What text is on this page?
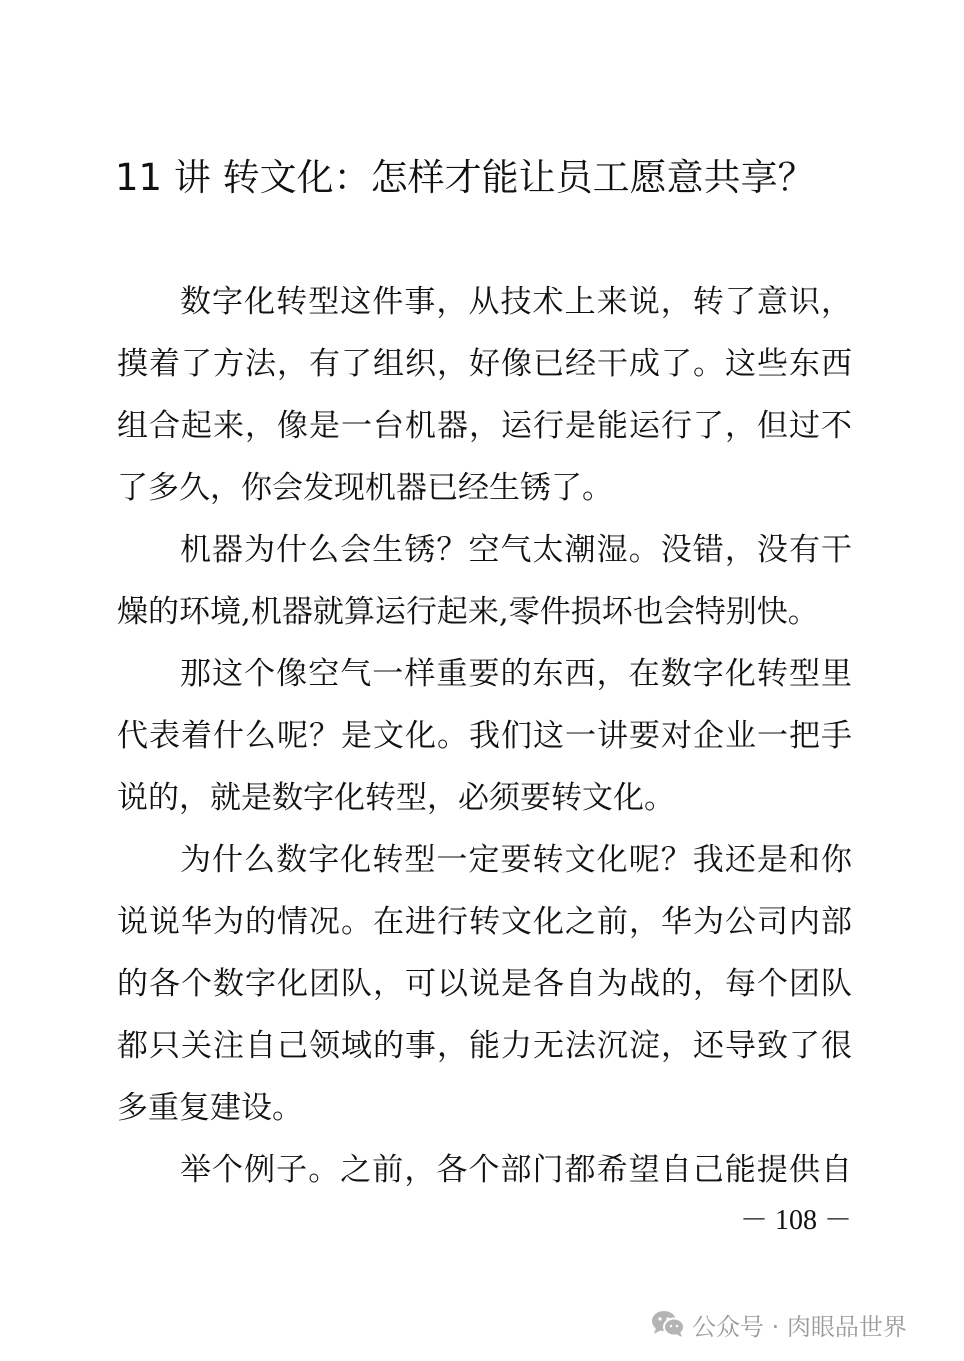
11 讲 转文化：怎样才能让员工愿意共享？
数字化转型这件事，从技术上来说，转了意识，
摸着了方法，有了组织，好像已经干成了。这些东西
组合起来，像是一台机器，运行是能运行了，但过不
了多久，你会发现机器已经生锈了。
机器为什么会生锈？空气太潮湿。没错，没有干
燥的环境,机器就算运行起来,零件损坏也会特别快。
那这个像空气一样重要的东西，在数字化转型里
代表着什么呢？是文化。我们这一讲要对企业一把手
说的，就是数字化转型，必须要转文化。
为什么数字化转型一定要转文化呢？我还是和你
说说华为的情况。在进行转文化之前，华为公司内部
的各个数字化团队，可以说是各自为战的，每个团队
都只关注自己领域的事，能力无法沉淀，还导致了很
多重复建设。
举个例子。之前，各个部门都希望自己能提供自
－ 108 －
公众号 · 肉眼品世界
